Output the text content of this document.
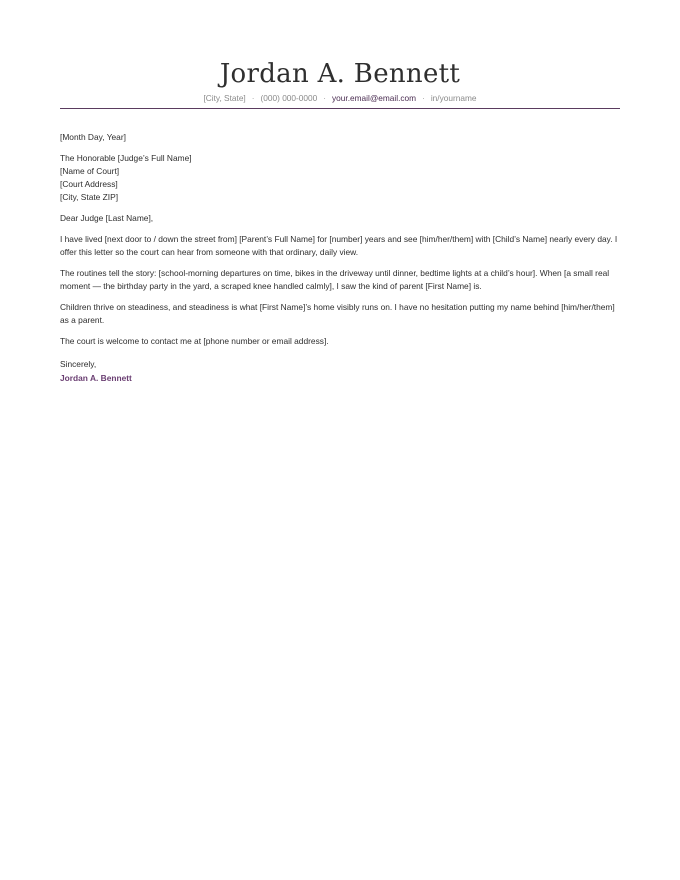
Jordan A. Bennett
[City, State] · (000) 000-0000 · your.email@email.com · in/yourname

[Month Day, Year]

The Honorable [Judge’s Full Name]
[Name of Court]
[Court Address]
[City, State ZIP]

Dear Judge [Last Name],

I have lived [next door to / down the street from] [Parent’s Full Name] for [number] years and see [him/her/them] with [Child’s Name] nearly every day. I offer this letter so the court can hear from someone with that ordinary, daily view.

The routines tell the story: [school-morning departures on time, bikes in the driveway until dinner, bedtime lights at a child’s hour]. When [a small real moment — the birthday party in the yard, a scraped knee handled calmly], I saw the kind of parent [First Name] is.

Children thrive on steadiness, and steadiness is what [First Name]’s home visibly runs on. I have no hesitation putting my name behind [him/her/them] as a parent.

The court is welcome to contact me at [phone number or email address].

Sincerely,
Jordan A. Bennett
